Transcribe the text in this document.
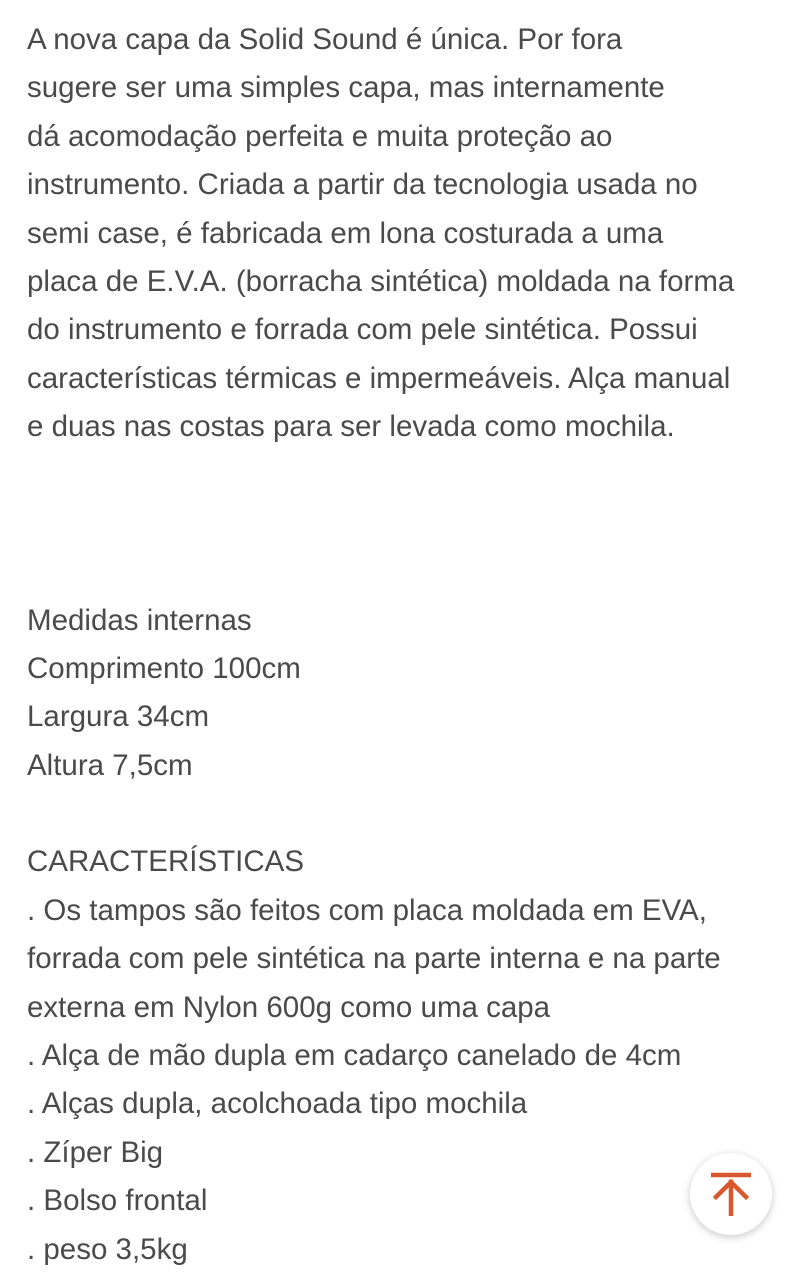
A nova capa da Solid Sound é única. Por fora
sugere ser uma simples capa, mas internamente
dá acomodação perfeita e muita proteção ao
instrumento. Criada a partir da tecnologia usada no
semi case, é fabricada em lona costurada a uma
placa de E.V.A. (borracha sintética) moldada na forma
do instrumento e forrada com pele sintética. Possui
características térmicas e impermeáveis. Alça manual
e duas nas costas para ser levada como mochila.
Medidas internas
Comprimento 100cm
Largura 34cm
Altura 7,5cm
CARACTERÍSTICAS
. Os tampos são feitos com placa moldada em EVA,
forrada com pele sintética na parte interna e na parte
externa em Nylon 600g como uma capa
. Alça de mão dupla em cadarço canelado de 4cm
. Alças dupla, acolchoada tipo mochila
. Zíper Big
. Bolso frontal
. peso 3,5kg
